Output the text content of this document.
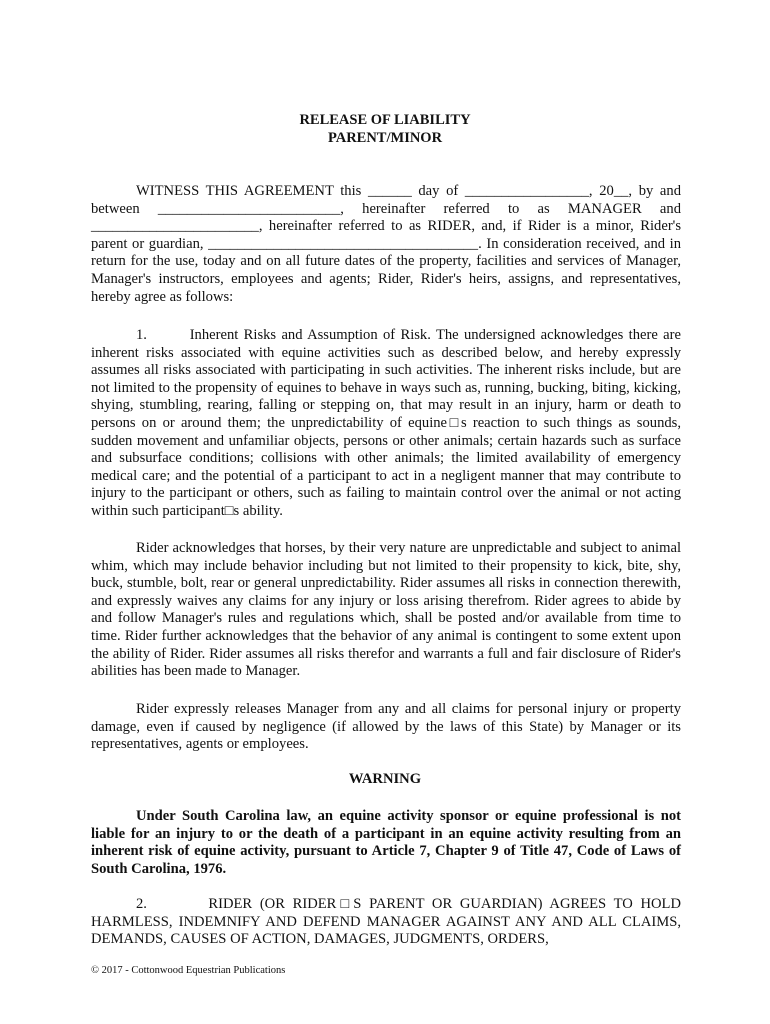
RELEASE OF LIABILITY
PARENT/MINOR
WITNESS THIS AGREEMENT this ______ day of _________________, 20__, by and between _________________________, hereinafter referred to as MANAGER and _______________________, hereinafter referred to as RIDER, and, if Rider is a minor, Rider's parent or guardian, _____________________________________. In consideration received, and in return for the use, today and on all future dates of the property, facilities and services of Manager, Manager's instructors, employees and agents; Rider, Rider's heirs, assigns, and representatives, hereby agree as follows:
1.        Inherent Risks and Assumption of Risk. The undersigned acknowledges there are inherent risks associated with equine activities such as described below, and hereby expressly assumes all risks associated with participating in such activities. The inherent risks include, but are not limited to the propensity of equines to behave in ways such as, running, bucking, biting, kicking, shying, stumbling, rearing, falling or stepping on, that may result in an injury, harm or death to persons on or around them; the unpredictability of equine□s reaction to such things as sounds, sudden movement and unfamiliar objects, persons or other animals; certain hazards such as surface and subsurface conditions; collisions with other animals; the limited availability of emergency medical care; and the potential of a participant to act in a negligent manner that may contribute to injury to the participant or others, such as failing to maintain control over the animal or not acting within such participant□s ability.
Rider acknowledges that horses, by their very nature are unpredictable and subject to animal whim, which may include behavior including but not limited to their propensity to kick, bite, shy, buck, stumble, bolt, rear or general unpredictability. Rider assumes all risks in connection therewith, and expressly waives any claims for any injury or loss arising therefrom. Rider agrees to abide by and follow Manager's rules and regulations which, shall be posted and/or available from time to time. Rider further acknowledges that the behavior of any animal is contingent to some extent upon the ability of Rider. Rider assumes all risks therefor and warrants a full and fair disclosure of Rider's abilities has been made to Manager.
Rider expressly releases Manager from any and all claims for personal injury or property damage, even if caused by negligence (if allowed by the laws of this State) by Manager or its representatives, agents or employees.
WARNING
Under South Carolina law, an equine activity sponsor or equine professional is not liable for an injury to or the death of a participant in an equine activity resulting from an inherent risk of equine activity, pursuant to Article 7, Chapter 9 of Title 47, Code of Laws of South Carolina, 1976.
2.        RIDER (OR RIDER□S PARENT OR GUARDIAN) AGREES TO HOLD HARMLESS, INDEMNIFY AND DEFEND MANAGER AGAINST ANY AND ALL CLAIMS, DEMANDS, CAUSES OF ACTION, DAMAGES, JUDGMENTS, ORDERS,
© 2017 - Cottonwood Equestrian Publications
